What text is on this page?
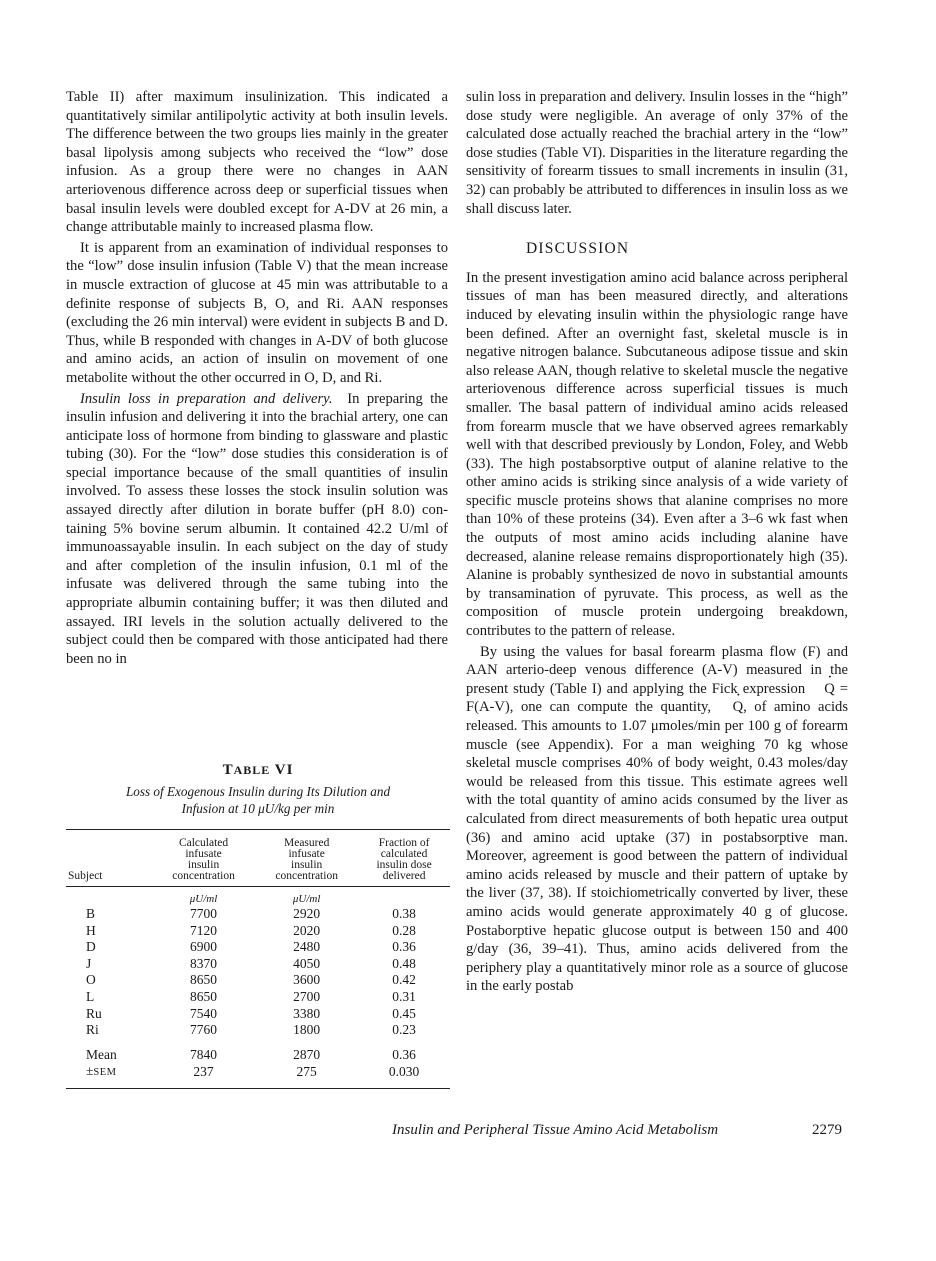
Table II) after maximum insulinization. This indicated a quantitatively similar antilipolytic activity at both insulin levels. The difference between the two groups lies mainly in the greater basal lipolysis among subjects who received the “low” dose infusion. As a group there were no changes in AAN arteriovenous difference across deep or superficial tissues when basal insulin levels were doubled except for A-DV at 26 min, a change attributable mainly to increased plasma flow.

It is apparent from an examination of individual responses to the “low” dose insulin infusion (Table V) that the mean increase in muscle extraction of glucose at 45 min was attributable to a definite response of subjects B, O, and Ri. AAN responses (excluding the 26 min interval) were evident in subjects B and D. Thus, while B responded with changes in A-DV of both glucose and amino acids, an action of insulin on movement of one metabolite without the other occurred in O, D, and Ri.

Insulin loss in preparation and delivery. In preparing the insulin infusion and delivering it into the brachial artery, one can anticipate loss of hormone from binding to glassware and plastic tubing (30). For the “low” dose studies this consideration is of special importance because of the small quantities of insulin involved. To assess these losses the stock insulin solution was assayed directly after dilution in borate buffer (pH 8.0) containing 5% bovine serum albumin. It contained 42.2 U/ml of immunoassayable insulin. In each subject on the day of study and after completion of the insulin infusion, 0.1 ml of the infusate was delivered through the same tubing into the appropriate albumin containing buffer; it was then diluted and assayed. IRI levels in the solution actually delivered to the subject could then be compared with those anticipated had there been no in

TABLE VI
Loss of Exogenous Insulin during Its Dilution and
Infusion at 10 μU/kg per min
Subject	
Calculated
infusate
insulin
concentration

Measured
infusate
insulin
concentration

Fraction of
calculated
insulin dose
delivered

	μU/ml	μU/ml	
B	7700	2920	0.38
H	7120	2020	0.28
D	6900	2480	0.36
J	8370	4050	0.48
O	8650	3600	0.42
L	8650	2700	0.31
Ru	7540	3380	0.45
Ri	7760	1800	0.23

Mean	7840	2870	0.36
±SEM	237	275	0.030

sulin loss in preparation and delivery. Insulin losses in the “high” dose study were negligible. An average of only 37% of the calculated dose actually reached the brachial artery in the “low” dose studies (Table VI). Disparities in the literature regarding the sensitivity of forearm tissues to small increments in insulin (31, 32) can probably be attributed to differences in insulin loss as we shall discuss later.

DISCUSSION

In the present investigation amino acid balance across peripheral tissues of man has been measured directly, and alterations induced by elevating insulin within the physiologic range have been defined. After an overnight fast, skeletal muscle is in negative nitrogen balance. Subcutaneous adipose tissue and skin also release AAN, though relative to skeletal muscle the negative arteriovenous difference across superficial tissues is much smaller. The basal pattern of individual amino acids released from forearm muscle that we have observed agrees remarkably well with that described previously by London, Foley, and Webb (33). The high postabsorptive output of alanine relative to the other amino acids is striking since analysis of a wide variety of specific muscle proteins shows that alanine comprises no more than 10% of these proteins (34). Even after a 3–6 wk fast when the outputs of most amino acids including alanine have decreased, alanine release remains disproportionately high (35). Alanine is probably synthesized de novo in substantial amounts by transamination of pyruvate. This process, as well as the composition of muscle protein undergoing breakdown, contributes to the pattern of release.

By using the values for basal forearm plasma flow (F) and AAN arterio-deep venous difference (A-V) measured in the present study (Table I) and applying the Fick expression · Q = F(A-V), one can compute the quantity, · Q, of amino acids released. This amounts to 1.07 μmoles/min per 100 g of forearm muscle (see Appendix). For a man weighing 70 kg whose skeletal muscle comprises 40% of body weight, 0.43 moles/day would be released from this tissue. This estimate agrees well with the total quantity of amino acids consumed by the liver as calculated from direct measurements of both hepatic urea output (36) and amino acid uptake (37) in postabsorptive man. Moreover, agreement is good between the pattern of individual amino acids released by muscle and their pattern of uptake by the liver (37, 38). If stoichiometrically converted by liver, these amino acids would generate approximately 40 g of glucose. Postaborptive hepatic glucose output is between 150 and 400 g/day (36, 39–41). Thus, amino acids delivered from the periphery play a quantitatively minor role as a source of glucose in the early postab

Insulin and Peripheral Tissue Amino Acid Metabolism	2279
